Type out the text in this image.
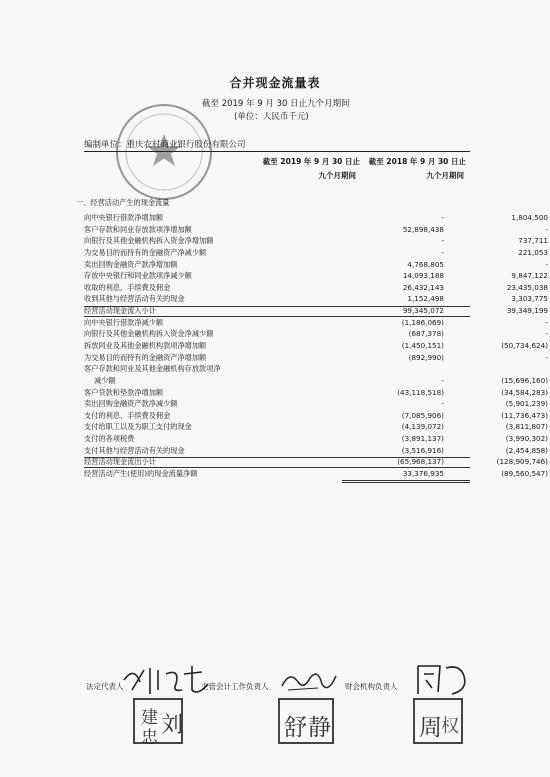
合并现金流量表
截至 2019 年 9 月 30 日止九个月期间
(单位：人民币千元)
编制单位：重庆农村商业银行股份有限公司
截至 2019 年 9 月 30 日止	截至 2018 年 9 月 30 日止
九个月期间	九个月期间
一、经营活动产生的现金流量
向中央银行借款净增加额	-	1,804,500
客户存款和同业存放款项净增加额	52,898,438	-
向银行及其他金融机构拆入资金净增加额	-	737,711
为交易目的而持有的金融资产净减少额	-	221,053
卖出回购金融资产款净增加额	4,768,805	-
存放中央银行和同业款项净减少额	14,093,188	9,847,122
收取的利息、手续费及佣金	26,432,143	23,435,038
收到其他与经营活动有关的现金	1,152,498	3,303,775
经营活动现金流入小计	99,345,072	39,349,199
向中央银行借款净减少额	(1,186,069)	-
向银行及其他金融机构拆入资金净减少额	(687,378)	-
拆放同业及其他金融机构款项净增加额	(1,450,151)	(50,734,624)
为交易目的而持有的金融资产净增加额	(892,990)	-
客户存款和同业及其他金融机构存放款项净
减少额	-	(15,696,160)
客户贷款和垫款净增加额	(43,118,518)	(34,584,283)
卖出回购金融资产款净减少额	-	(5,901,239)
支付的利息、手续费及佣金	(7,085,906)	(11,736,473)
支付给职工以及为职工支付的现金	(4,139,072)	(3,811,807)
支付的各项税费	(3,891,137)	(3,990,302)
支付其他与经营活动有关的现金	(3,516,916)	(2,454,858)
经营活动现金流出小计	(65,968,137)	(128,909,746)
经营活动产生(使用)的现金流量净额	33,376,935	(89,560,547)
法定代表人	主管会计工作负责人	财会机构负责人
建
忠 刘	舒 静	周 权
